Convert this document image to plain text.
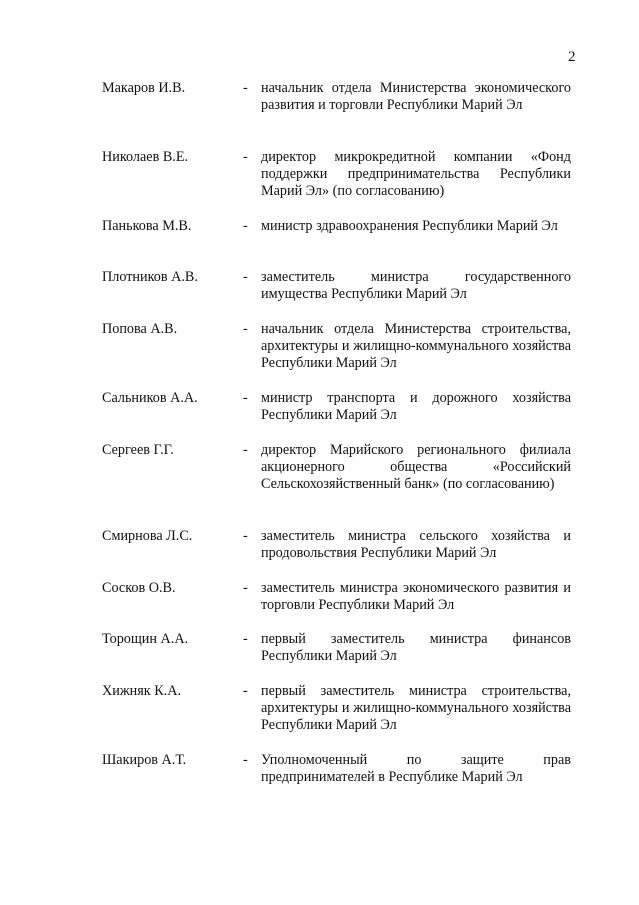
2
Макаров И.В.	- начальник отдела Министерства экономического развития и торговли Республики Марий Эл
Николаев В.Е.	- директор микрокредитной компании «Фонд поддержки предпринимательства Республики Марий Эл» (по согласованию)
Панькова М.В.	- министр здравоохранения Республики Марий Эл
Плотников А.В.	- заместитель министра государственного имущества Республики Марий Эл
Попова А.В.	- начальник отдела Министерства строительства, архитектуры и жилищно-коммунального хозяйства Республики Марий Эл
Сальников А.А.	- министр транспорта и дорожного хозяйства Республики Марий Эл
Сергеев Г.Г.	- директор Марийского регионального филиала акционерного общества «Российский Сельскохозяйственный банк» (по согласованию)
Смирнова Л.С.	- заместитель министра сельского хозяйства и продовольствия Республики Марий Эл
Сосков О.В.	- заместитель министра экономического развития и торговли Республики Марий Эл
Торощин А.А.	- первый заместитель министра финансов Республики Марий Эл
Хижняк К.А.	- первый заместитель министра строительства, архитектуры и жилищно-коммунального хозяйства Республики Марий Эл
Шакиров А.Т.	- Уполномоченный по защите прав предпринимателей в Республике Марий Эл
